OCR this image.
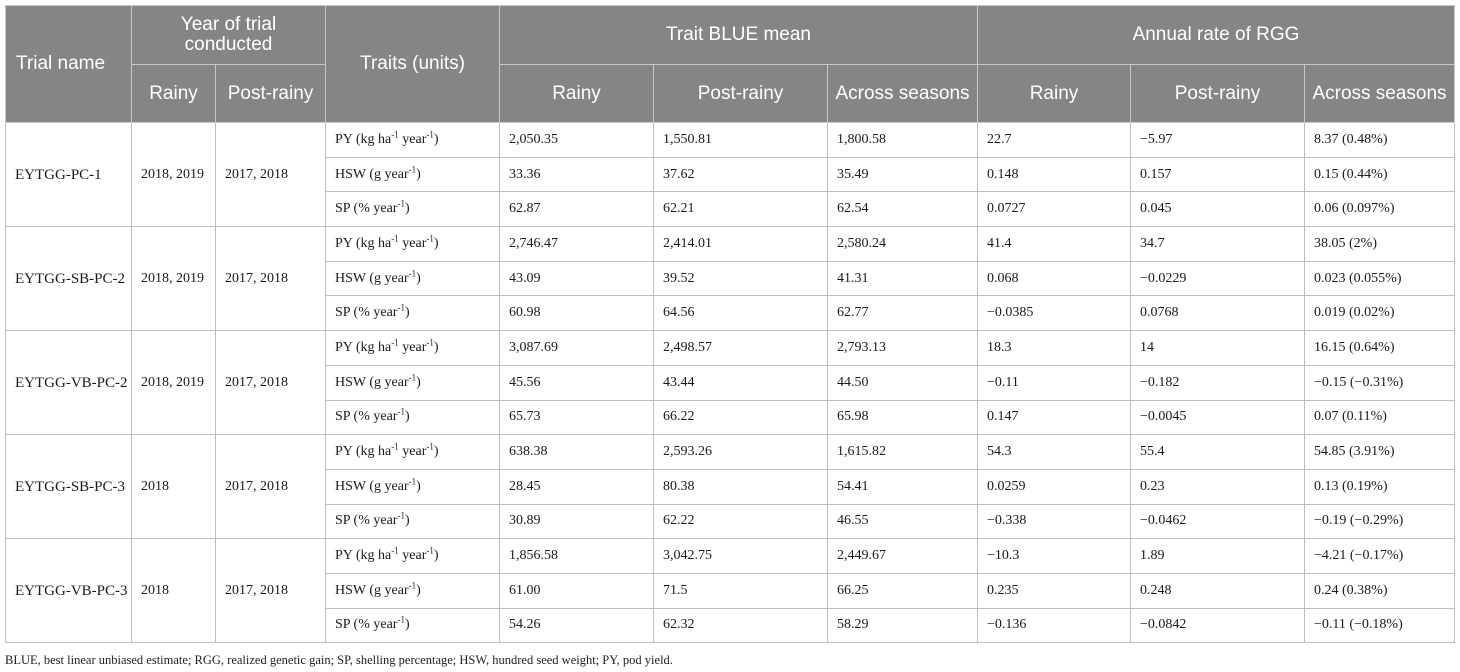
Trial name	Year of trial conducted		Traits (units)	Trait BLUE mean			Annual rate of RGG		
	Rainy	Post-rainy		Rainy	Post-rainy	Across seasons	Rainy	Post-rainy	Across seasons
EYTGG-PC-1	2018, 2019	2017, 2018	PY (kg $ha^{-1}$ year$^{-1}$)	2,050.35	1,550.81	1,800.58	22.7	−5.97	8.37 (0.48%)
			HSW (g year$^{-1}$)	33.36	37.62	35.49	0.148	0.157	0.15 (0.44%)
			SP (% year$^{-1}$)	62.87	62.21	62.54	0.0727	0.045	0.06 (0.097%)
EYTGG-SB-PC-2	2018, 2019	2017, 2018	PY (kg $ha^{-1}$ year$^{-1}$)	2,746.47	2,414.01	2,580.24	41.4	34.7	38.05 (2%)
			HSW (g year$^{-1}$)	43.09	39.52	41.31	0.068	−0.0229	0.023 (0.055%)
			SP (% year$^{-1}$)	60.98	64.56	62.77	−0.0385	0.0768	0.019 (0.02%)
EYTGG-VB-PC-2	2018, 2019	2017, 2018	PY (kg $ha^{-1}$ year$^{-1}$)	3,087.69	2,498.57	2,793.13	18.3	14	16.15 (0.64%)
			HSW (g year$^{-1}$)	45.56	43.44	44.50	−0.11	−0.182	−0.15 (−0.31%)
			SP (% year$^{-1}$)	65.73	66.22	65.98	0.147	−0.0045	0.07 (0.11%)
EYTGG-SB-PC-3	2018	2017, 2018	PY (kg $ha^{-1}$ year$^{-1}$)	638.38	2,593.26	1,615.82	54.3	55.4	54.85 (3.91%)
			HSW (g year$^{-1}$)	28.45	80.38	54.41	0.0259	0.23	0.13 (0.19%)
			SP (% year$^{-1}$)	30.89	62.22	46.55	−0.338	−0.0462	−0.19 (−0.29%)
EYTGG-VB-PC-3	2018	2017, 2018	PY (kg $ha^{-1}$ year$^{-1}$)	1,856.58	3,042.75	2,449.67	−10.3	1.89	−4.21 (−0.17%)
			HSW (g year$^{-1}$)	61.00	71.5	66.25	0.235	0.248	0.24 (0.38%)
			SP (% year$^{-1}$)	54.26	62.32	58.29	−0.136	−0.0842	−0.11 (−0.18%)
BLUE, best linear unbiased estimate; RGG, realized genetic gain; SP, shelling percentage; HSW, hundred seed weight; PY, pod yield.
